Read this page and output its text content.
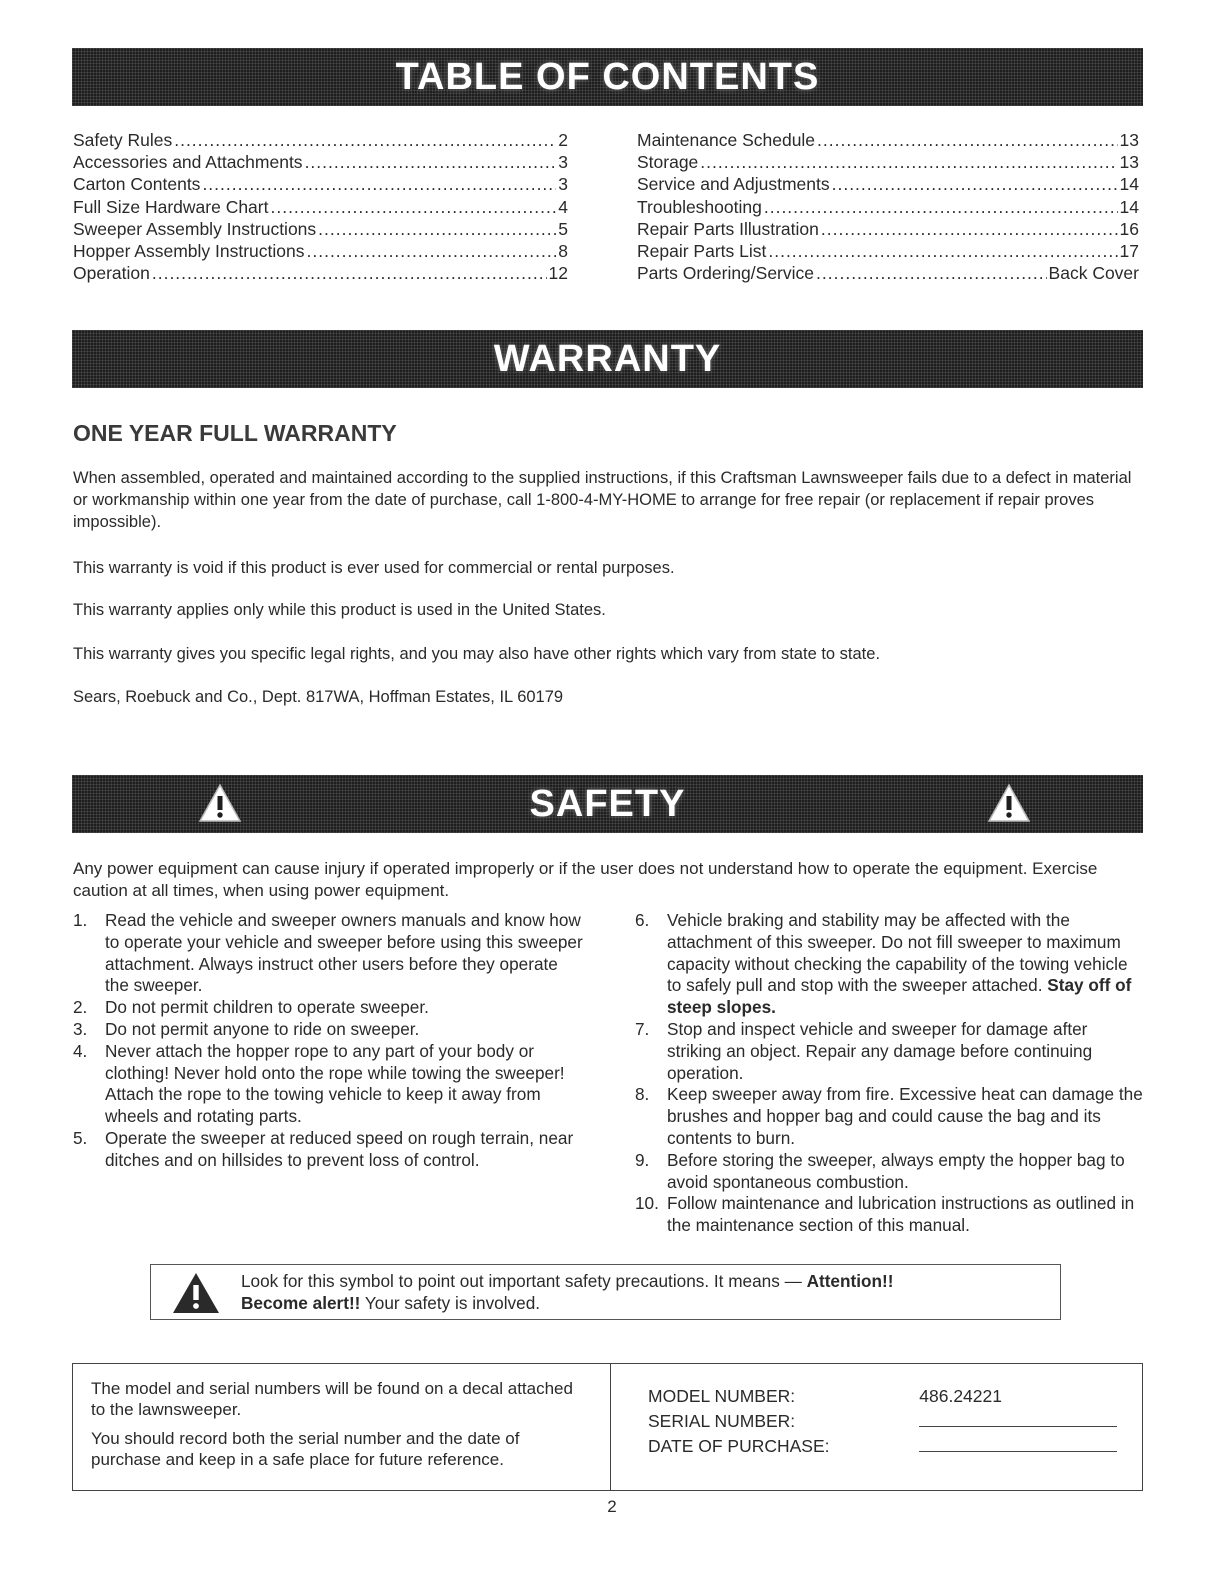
TABLE OF CONTENTS
Safety Rules .....	2
Accessories and Attachments .....	3
Carton Contents .....	3
Full Size Hardware Chart .....	4
Sweeper Assembly Instructions .....	5
Hopper Assembly Instructions .....	8
Operation .....	12
Maintenance Schedule .....	13
Storage .....	13
Service and Adjustments .....	14
Troubleshooting .....	14
Repair Parts Illustration .....	16
Repair Parts List .....	17
Parts Ordering/Service .....	Back Cover
WARRANTY
ONE YEAR FULL WARRANTY
When assembled, operated and maintained according to the supplied instructions, if this Craftsman Lawnsweeper fails due to a defect in material or workmanship within one year from the date of purchase, call 1-800-4-MY-HOME to arrange for free repair (or replacement if repair proves impossible).
This warranty is void if this product is ever used for commercial or rental purposes.
This warranty applies only while this product is used in the United States.
This warranty gives you specific legal rights, and you may also have other rights which vary from state to state.
Sears, Roebuck and Co., Dept. 817WA, Hoffman Estates, IL 60179
SAFETY
Any power equipment can cause injury if operated improperly or if the user does not understand how to operate the equipment. Exercise caution at all times, when using power equipment.
1.	Read the vehicle and sweeper owners manuals and know how to operate your vehicle and sweeper before using this sweeper attachment. Always instruct other users before they operate the sweeper.
2.	Do not permit children to operate sweeper.
3.	Do not permit anyone to ride on sweeper.
4.	Never attach the hopper rope to any part of your body or clothing! Never hold onto the rope while towing the sweeper! Attach the rope to the towing vehicle to keep it away from wheels and rotating parts.
5.	Operate the sweeper at reduced speed on rough terrain, near ditches and on hillsides to prevent loss of control.
6.	Vehicle braking and stability may be affected with the attachment of this sweeper. Do not fill sweeper to maximum capacity without checking the capability of the towing vehicle to safely pull and stop with the sweeper attached. Stay off of steep slopes.
7.	Stop and inspect vehicle and sweeper for damage after striking an object. Repair any damage before continuing operation.
8.	Keep sweeper away from fire. Excessive heat can damage the brushes and hopper bag and could cause the bag and its contents to burn.
9.	Before storing the sweeper, always empty the hopper bag to avoid spontaneous combustion.
10. Follow maintenance and lubrication instructions as outlined in the maintenance section of this manual.
Look for this symbol to point out important safety precautions. It means — Attention!!
Become alert!! Your safety is involved.

The model and serial numbers will be found on a decal attached to the lawnsweeper.

You should record both the serial number and the date of purchase and keep in a safe place for future reference.

MODEL NUMBER:	486.24221
SERIAL NUMBER:
DATE OF PURCHASE:
2
